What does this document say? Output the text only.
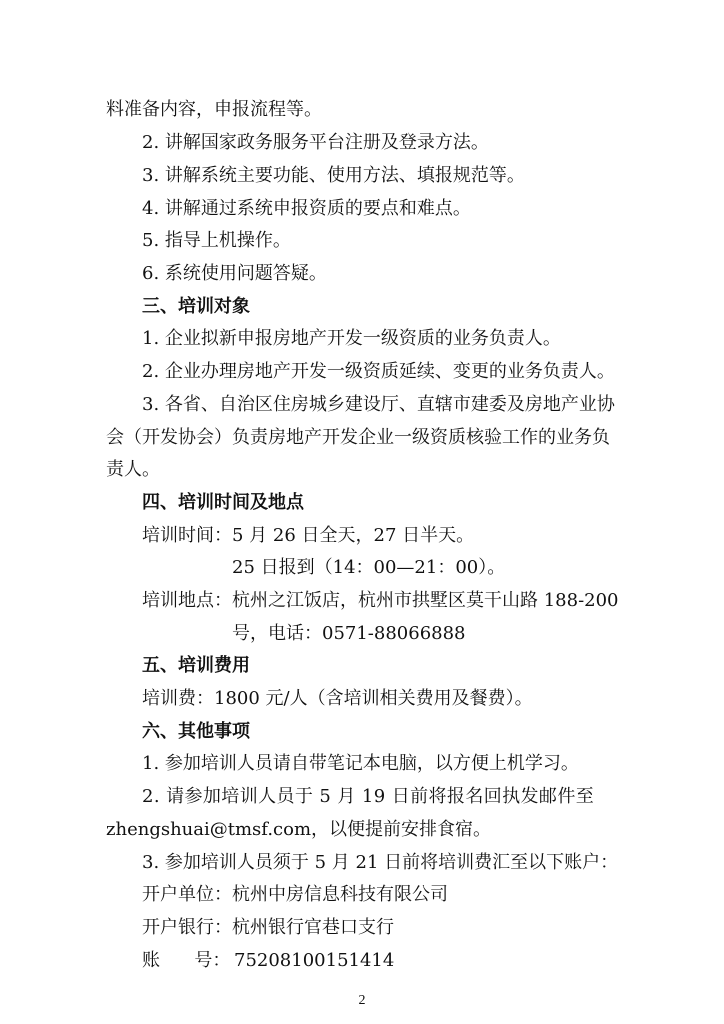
料准备内容，申报流程等。
2. 讲解国家政务服务平台注册及登录方法。
3. 讲解系统主要功能、使用方法、填报规范等。
4. 讲解通过系统申报资质的要点和难点。
5. 指导上机操作。
6. 系统使用问题答疑。
三、培训对象
1. 企业拟新申报房地产开发一级资质的业务负责人。
2. 企业办理房地产开发一级资质延续、变更的业务负责人。
3. 各省、自治区住房城乡建设厅、直辖市建委及房地产业协
会（开发协会）负责房地产开发企业一级资质核验工作的业务负
责人。
四、培训时间及地点
培训时间：5 月 26 日全天，27 日半天。
25 日报到（14：00—21：00）。
培训地点：杭州之江饭店，杭州市拱墅区莫干山路 188-200
号，电话：0571-88066888
五、培训费用
培训费：1800 元/人（含培训相关费用及餐费）。
六、其他事项
1. 参加培训人员请自带笔记本电脑，以方便上机学习。
2. 请参加培训人员于 5 月 19 日前将报名回执发邮件至
zhengshuai@tmsf.com，以便提前安排食宿。
3. 参加培训人员须于 5 月 21 日前将培训费汇至以下账户：
开户单位：杭州中房信息科技有限公司
开户银行：杭州银行官巷口支行
账      号： 75208100151414
2
